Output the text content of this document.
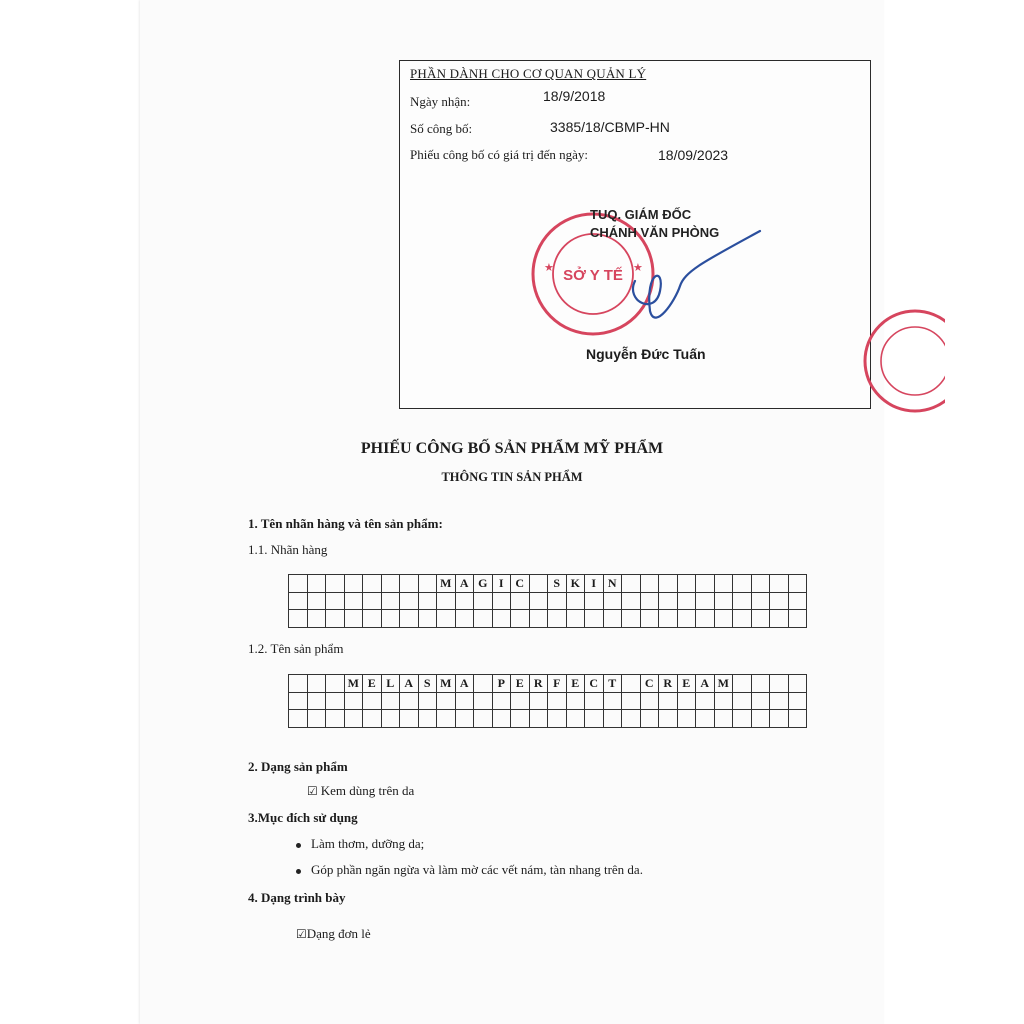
PHẦN DÀNH CHO CƠ QUAN QUẢN LÝ
Ngày nhận:	18/9/2018
Số công bố:	3385/18/CBMP-HN
Phiếu công bố có giá trị đến ngày:	18/09/2023
SỞ Y TẾ
★	★
TUQ. GIÁM ĐỐC
CHÁNH VĂN PHÒNG
Nguyễn Đức Tuấn
PHIẾU CÔNG BỐ SẢN PHẨM MỸ PHẨM
THÔNG TIN SẢN PHẨM
1. Tên nhãn hàng và tên sản phẩm:
1.1. Nhãn hàng
								M	A	G	I	C		S	K	I	N										

1.2. Tên sản phẩm
			M	E	L	A	S	M	A		P	E	R	F	E	C	T		C	R	E	A	M				

2. Dạng sản phẩm
☑ Kem dùng trên da
3.Mục đích sử dụng
Làm thơm, dưỡng da;
Góp phần ngăn ngừa và làm mờ các vết nám, tàn nhang trên da.
4. Dạng trình bày
☑Dạng đơn lẻ
